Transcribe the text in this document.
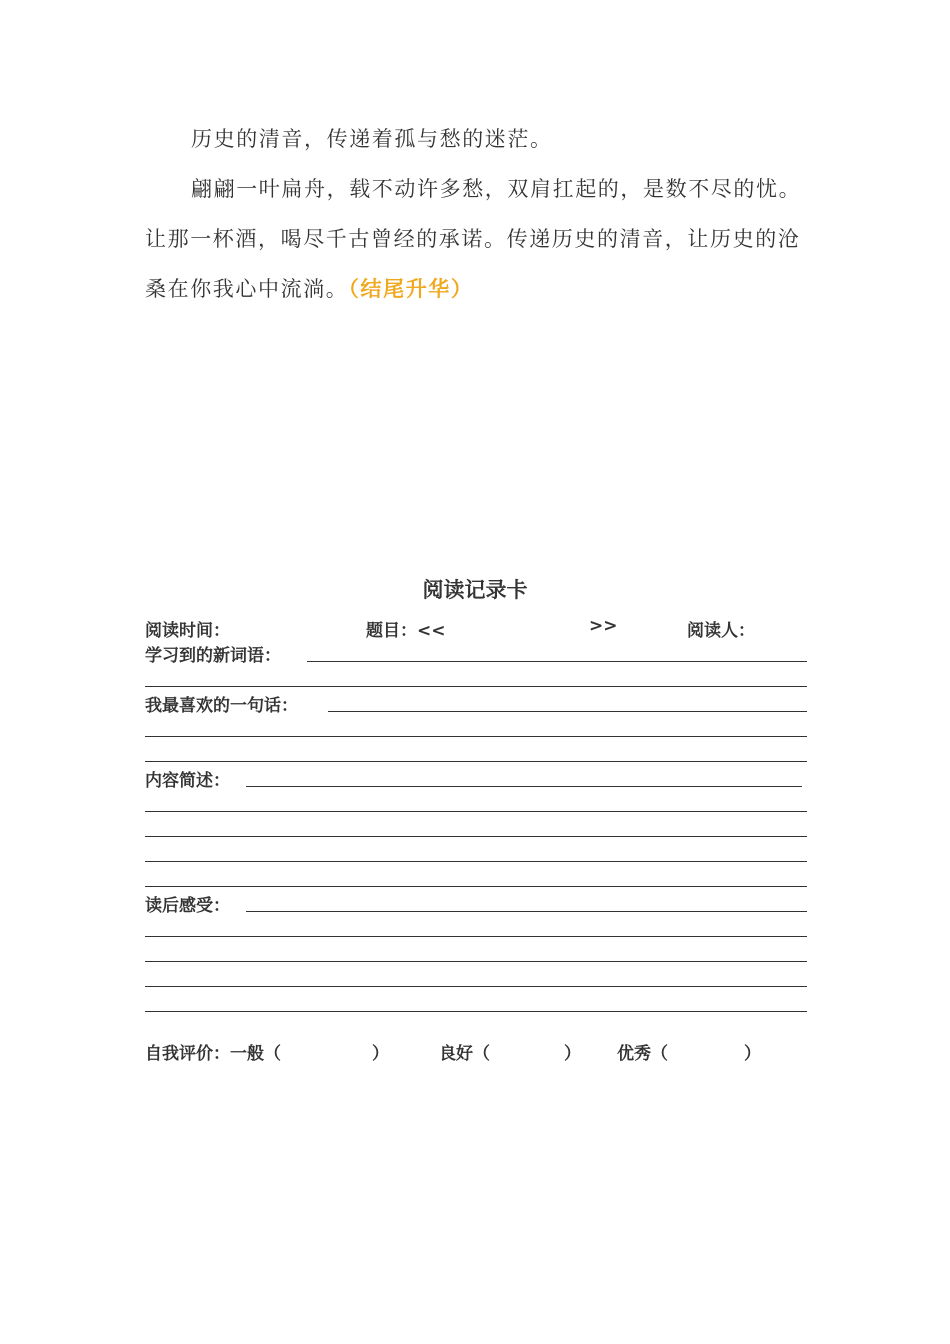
历史的清音，传递着孤与愁的迷茫。

翩翩一叶扁舟，载不动许多愁，双肩扛起的，是数不尽的忧。让那一杯酒，喝尽千古曾经的承诺。传递历史的清音，让历史的沧桑在你我心中流淌。（结尾升华）

阅读记录卡
阅读时间：	题目：<<	>>	阅读人：
学习到的新词语：
我最喜欢的一句话：
内容简述：
读后感受：
自我评价：一般（	）	良好（	） 优秀（	）
